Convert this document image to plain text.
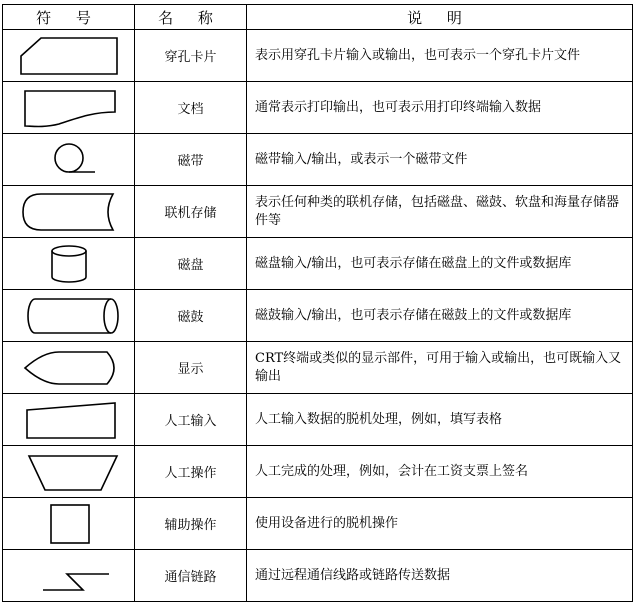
符 号	名 称	说 明

	穿孔卡片	表示用穿孔卡片输入或输出，也可表示一个穿孔卡片文件

	文档	通常表示打印输出，也可表示用打印终端输入数据

	磁带	磁带输入/输出，或表示一个磁带文件

	联机存储	表示任何种类的联机存储，包括磁盘、磁鼓、软盘和海量存储器件等

	磁盘	磁盘输入/输出，也可表示存储在磁盘上的文件或数据库

	磁鼓	磁鼓输入/输出，也可表示存储在磁鼓上的文件或数据库

	显示	CRT终端或类似的显示部件，可用于输入或输出，也可既输入又输出

	人工输入	人工输入数据的脱机处理，例如，填写表格

	人工操作	人工完成的处理，例如，会计在工资支票上签名

	辅助操作	使用设备进行的脱机操作

	通信链路	通过远程通信线路或链路传送数据
